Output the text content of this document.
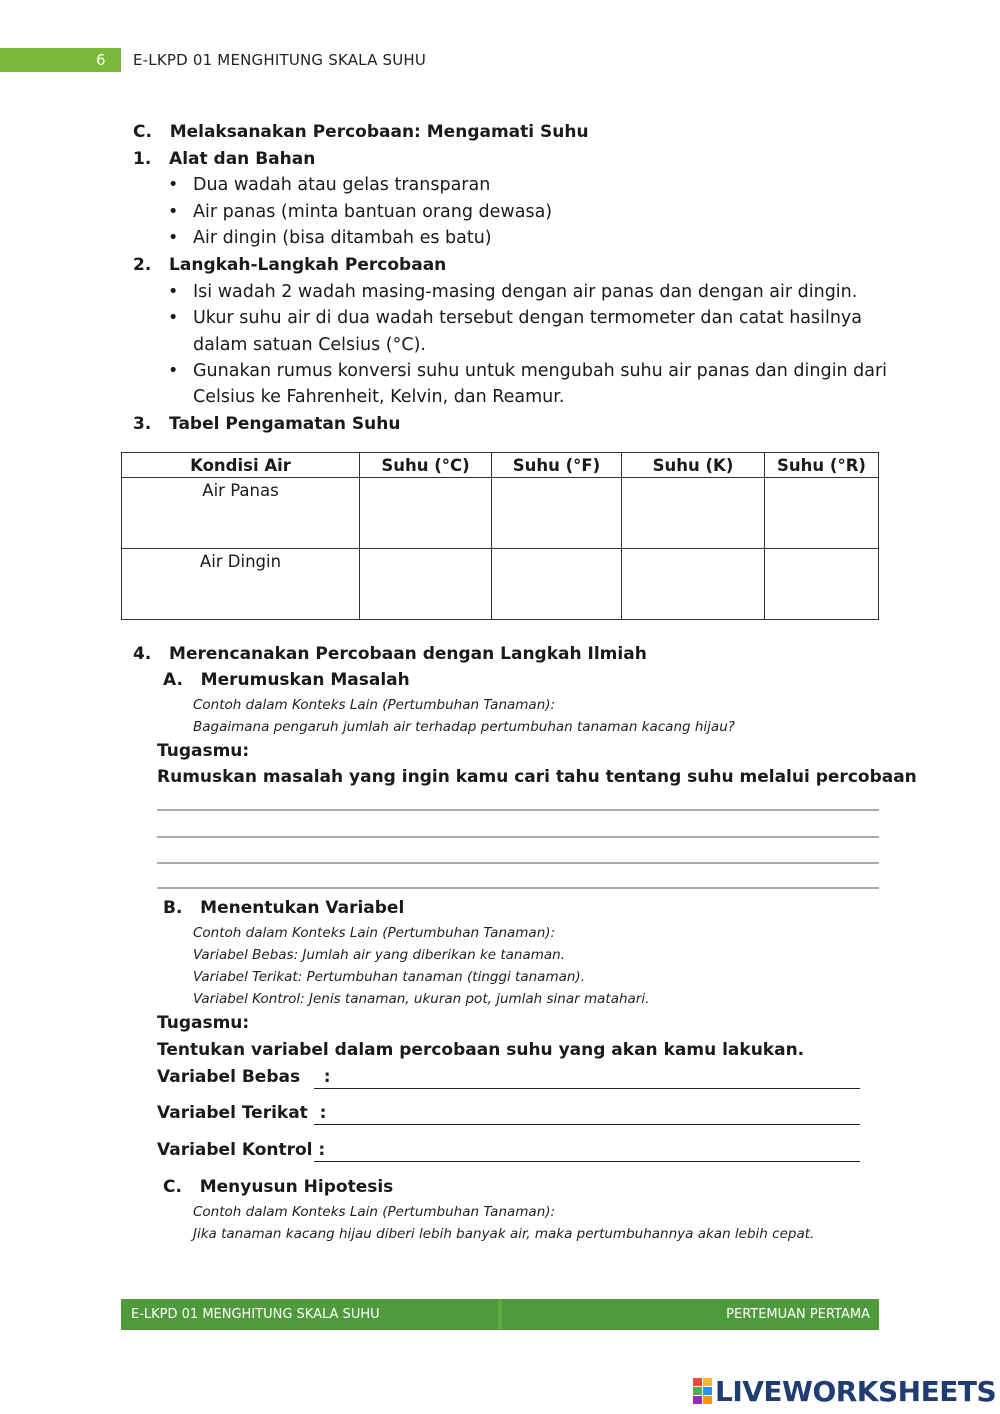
6 E-LKPD 01 MENGHITUNG SKALA SUHU
C.   Melaksanakan Percobaan: Mengamati Suhu
1.   Alat dan Bahan
• Dua wadah atau gelas transparan
• Air panas (minta bantuan orang dewasa)
• Air dingin (bisa ditambah es batu)
2.   Langkah-Langkah Percobaan
• Isi wadah 2 wadah masing-masing dengan air panas dan dengan air dingin.
• Ukur suhu air di dua wadah tersebut dengan termometer dan catat hasilnya
dalam satuan Celsius (°C).
• Gunakan rumus konversi suhu untuk mengubah suhu air panas dan dingin dari
Celsius ke Fahrenheit, Kelvin, dan Reamur.
3.   Tabel Pengamatan Suhu
Kondisi Air	Suhu (°C)	Suhu (°F)	Suhu (K)	Suhu (°R)
Air Panas				
Air Dingin				
4.   Merencanakan Percobaan dengan Langkah Ilmiah
A.   Merumuskan Masalah
Contoh dalam Konteks Lain (Pertumbuhan Tanaman):
Bagaimana pengaruh jumlah air terhadap pertumbuhan tanaman kacang hijau?
Tugasmu:
Rumuskan masalah yang ingin kamu cari tahu tentang suhu melalui percobaan
B.   Menentukan Variabel
Contoh dalam Konteks Lain (Pertumbuhan Tanaman):
Variabel Bebas: Jumlah air yang diberikan ke tanaman.
Variabel Terikat: Pertumbuhan tanaman (tinggi tanaman).
Variabel Kontrol: Jenis tanaman, ukuran pot, jumlah sinar matahari.
Tugasmu:
Tentukan variabel dalam percobaan suhu yang akan kamu lakukan.
Variabel Bebas    :
Variabel Terikat  :
Variabel Kontrol :
C.   Menyusun Hipotesis
Contoh dalam Konteks Lain (Pertumbuhan Tanaman):
Jika tanaman kacang hijau diberi lebih banyak air, maka pertumbuhannya akan lebih cepat.
E-LKPD 01 MENGHITUNG SKALA SUHU	PERTEMUAN PERTAMA
LIVEWORKSHEETS
